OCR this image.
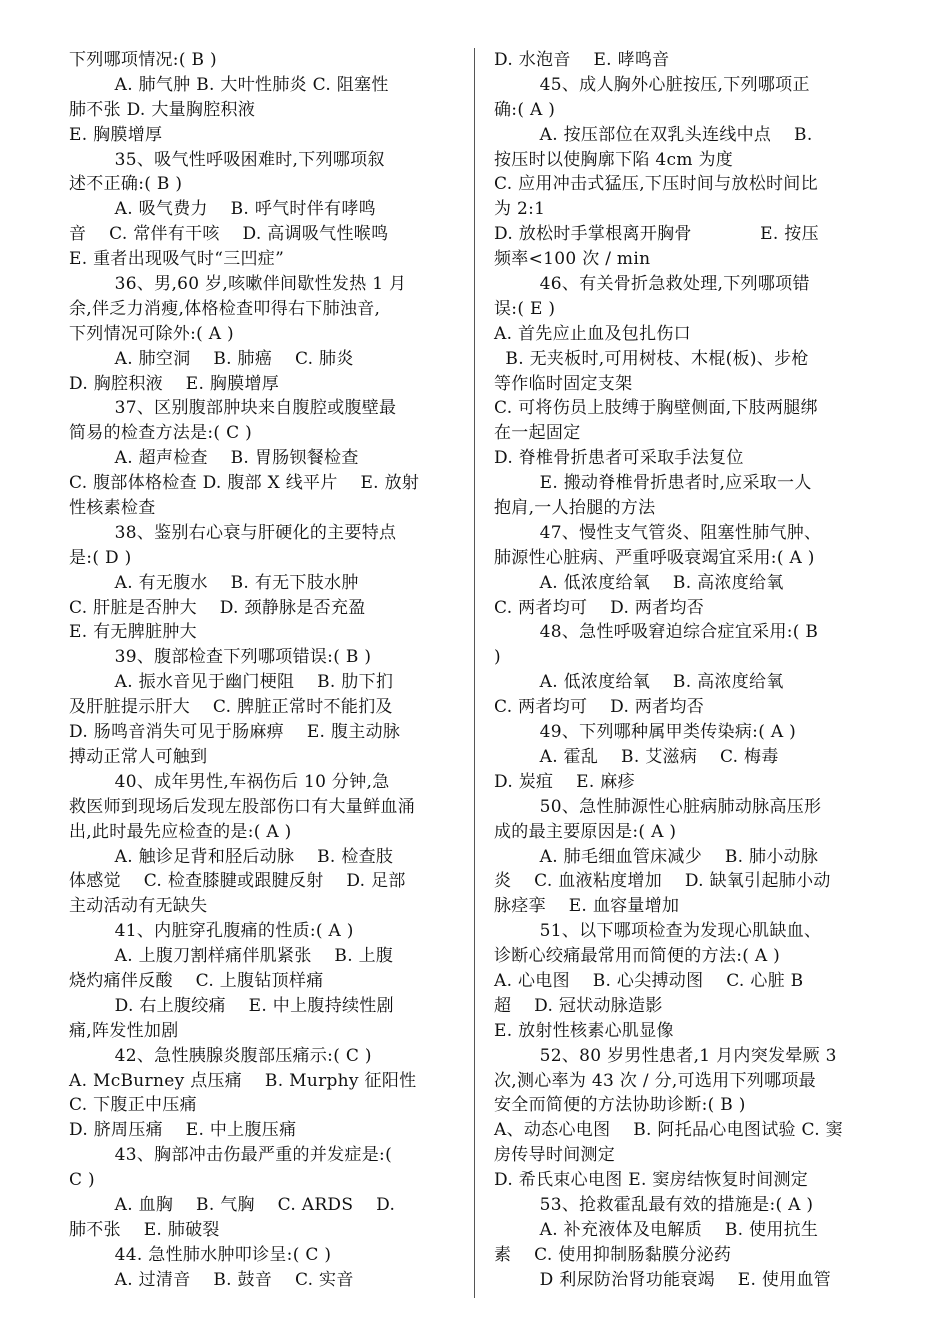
下列哪项情况:( B )
A. 肺气肿 B. 大叶性肺炎 C. 阻塞性
肺不张 D. 大量胸腔积液
E. 胸膜增厚
35、吸气性呼吸困难时,下列哪项叙
述不正确:( B )
A. 吸气费力    B. 呼气时伴有哮鸣
音    C. 常伴有干咳    D. 高调吸气性喉鸣
E. 重者出现吸气时“三凹症”
36、男,60 岁,咳嗽伴间歇性发热 1 月
余,伴乏力消瘦,体格检查叩得右下肺浊音,
下列情况可除外:( A )
A. 肺空洞    B. 肺癌    C. 肺炎
D. 胸腔积液    E. 胸膜增厚
37、区别腹部肿块来自腹腔或腹壁最
简易的检查方法是:( C )
A. 超声检查    B. 胃肠钡餐检查
C. 腹部体格检查 D. 腹部 X 线平片    E. 放射
性核素检查
38、鉴别右心衰与肝硬化的主要特点
是:( D )
A. 有无腹水    B. 有无下肢水肿
C. 肝脏是否肿大    D. 颈静脉是否充盈
E. 有无脾脏肿大
39、腹部检查下列哪项错误:( B )
A. 振水音见于幽门梗阻    B. 肋下扪
及肝脏提示肝大    C. 脾脏正常时不能扪及
D. 肠鸣音消失可见于肠麻痹    E. 腹主动脉
搏动正常人可触到
40、成年男性,车祸伤后 10 分钟,急
救医师到现场后发现左股部伤口有大量鲜血涌
出,此时最先应检查的是:( A )
A. 触诊足背和胫后动脉    B. 检查肢
体感觉    C. 检查膝腱或跟腱反射    D. 足部
主动活动有无缺失
41、内脏穿孔腹痛的性质:( A )
A. 上腹刀割样痛伴肌紧张    B. 上腹
烧灼痛伴反酸    C. 上腹钻顶样痛
D. 右上腹绞痛    E. 中上腹持续性剧
痛,阵发性加剧
42、急性胰腺炎腹部压痛示:( C )
A. McBurney 点压痛    B. Murphy 征阳性
C. 下腹正中压痛
D. 脐周压痛    E. 中上腹压痛
43、胸部冲击伤最严重的并发症是:(
C )
A. 血胸    B. 气胸    C. ARDS    D.
肺不张    E. 肺破裂
44. 急性肺水肿叩诊呈:( C )
A. 过清音    B. 鼓音    C. 实音
D. 水泡音    E. 哮鸣音
45、成人胸外心脏按压,下列哪项正
确:( A )
A. 按压部位在双乳头连线中点    B.
按压时以使胸廓下陷 4cm 为度
C. 应用冲击式猛压,下压时间与放松时间比
为 2:1
D. 放松时手掌根离开胸骨            E. 按压
频率<100 次 / min
46、有关骨折急救处理,下列哪项错
误:( E )
A. 首先应止血及包扎伤口
B. 无夹板时,可用树枝、木棍(板)、步枪
等作临时固定支架
C. 可将伤员上肢缚于胸壁侧面,下肢两腿绑
在一起固定
D. 脊椎骨折患者可采取手法复位
E. 搬动脊椎骨折患者时,应采取一人
抱肩,一人抬腿的方法
47、慢性支气管炎、阻塞性肺气肿、
肺源性心脏病、严重呼吸衰竭宜采用:( A )
A. 低浓度给氧    B. 高浓度给氧
C. 两者均可    D. 两者均否
48、急性呼吸窘迫综合症宜采用:( B
)
A. 低浓度给氧    B. 高浓度给氧
C. 两者均可    D. 两者均否
49、下列哪种属甲类传染病:( A )
A. 霍乱    B. 艾滋病    C. 梅毒
D. 炭疽    E. 麻疹
50、急性肺源性心脏病肺动脉高压形
成的最主要原因是:( A )
A. 肺毛细血管床减少    B. 肺小动脉
炎    C. 血液粘度增加    D. 缺氧引起肺小动
脉痉挛    E. 血容量增加
51、以下哪项检查为发现心肌缺血、
诊断心绞痛最常用而简便的方法:( A )
A. 心电图    B. 心尖搏动图    C. 心脏 B
超    D. 冠状动脉造影
E. 放射性核素心肌显像
52、80 岁男性患者,1 月内突发晕厥 3
次,测心率为 43 次 / 分,可选用下列哪项最
安全而简便的方法协助诊断:( B )
A、动态心电图    B. 阿托品心电图试验 C. 窦
房传导时间测定
D. 希氏束心电图 E. 窦房结恢复时间测定
53、抢救霍乱最有效的措施是:( A )
A. 补充液体及电解质    B. 使用抗生
素    C. 使用抑制肠黏膜分泌药
D 利尿防治肾功能衰竭    E. 使用血管
